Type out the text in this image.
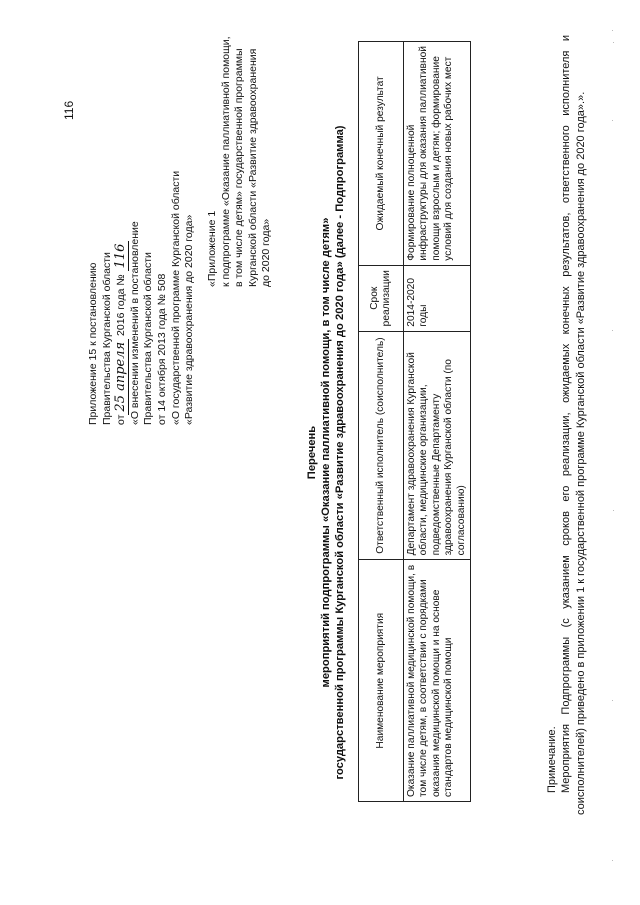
116
Приложение 15 к постановлению Правительства Курганской области от25 апреля 2016 года № 116 «О внесении изменений в постановление Правительства Курганской области от 14 октября 2013 года № 508 «О государственной программе Курганской области «Развитие здравоохранения до 2020 года» «Приложение 1 к подпрограмме «Оказание паллиативной помощи, в том числе детям» государственной программы Курганской области «Развитие здравоохранения до 2020 года»
Перечень мероприятий подпрограммы «Оказание паллиативной помощи, в том числе детям» государственной программы Курганской области «Развитие здравоохранения до 2020 года» (далее - Подпрограмма)	Наименование мероприятия	Ответственный исполнитель (соисполнитель)	Срок реализации	Ожидаемый конечный результат
Оказание паллиативной медицинской помощи, в том числе детям, в соответствии с порядками оказания медицинской помощи и на основе стандартов медицинской помощи	Департамент здравоохранения Курганской области, медицинские организации, подведомственные Департаменту здравоохранения Курганской области (по согласованию)	2014-2020 годы	Формирование полноценной инфраструктуры для оказания паллиативной помощи взрослым и детям; формирование условий для создания новых рабочих мест

Примечание. Мероприятия Подпрограммы (с указанием сроков его реализации, ожидаемых конечных результатов, ответственного исполнителя и соисполнителей) приведено в приложении 1 к государственной программе Курганской области «Развитие здравоохранения до 2020 года».».
